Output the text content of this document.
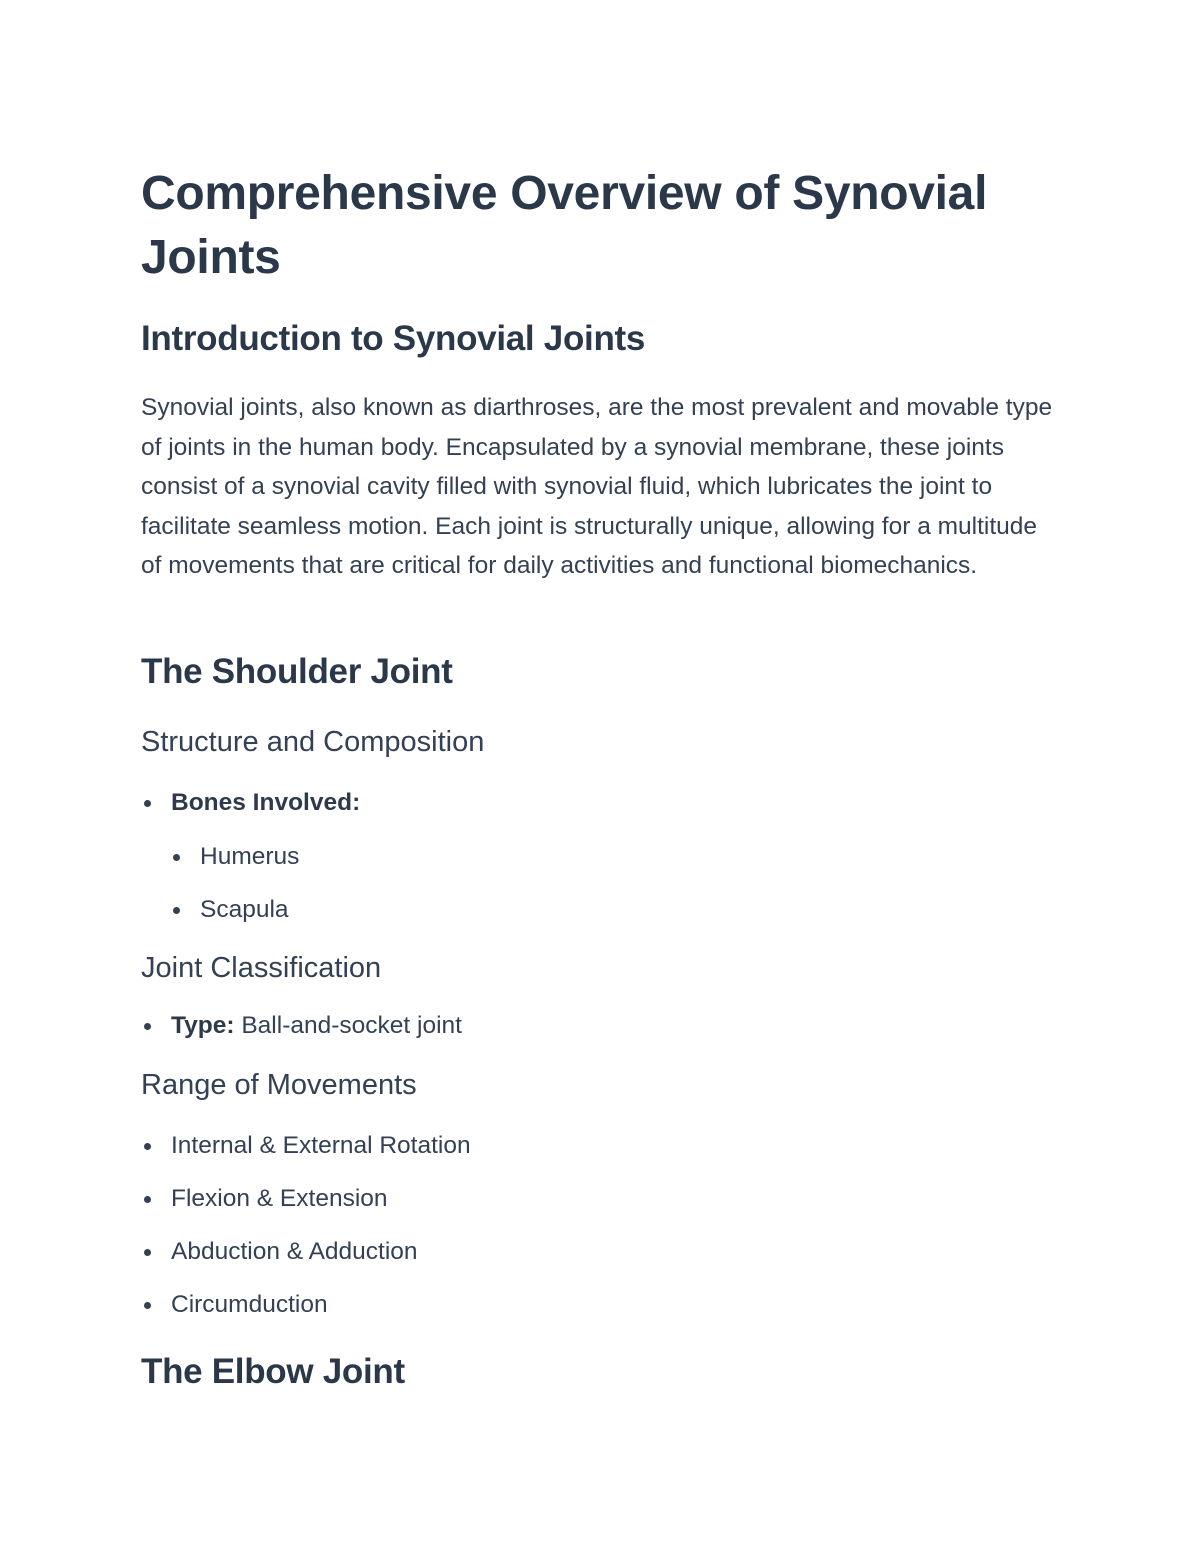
Comprehensive Overview of Synovial Joints
Introduction to Synovial Joints

Synovial joints, also known as diarthroses, are the most prevalent and movable type of joints in the human body. Encapsulated by a synovial membrane, these joints consist of a synovial cavity filled with synovial fluid, which lubricates the joint to facilitate seamless motion. Each joint is structurally unique, allowing for a multitude of movements that are critical for daily activities and functional biomechanics.

The Shoulder Joint
Structure and Composition
Bones Involved:
Humerus
Scapula
Joint Classification
Type: Ball-and-socket joint
Range of Movements
Internal & External Rotation
Flexion & Extension
Abduction & Adduction
Circumduction
The Elbow Joint
